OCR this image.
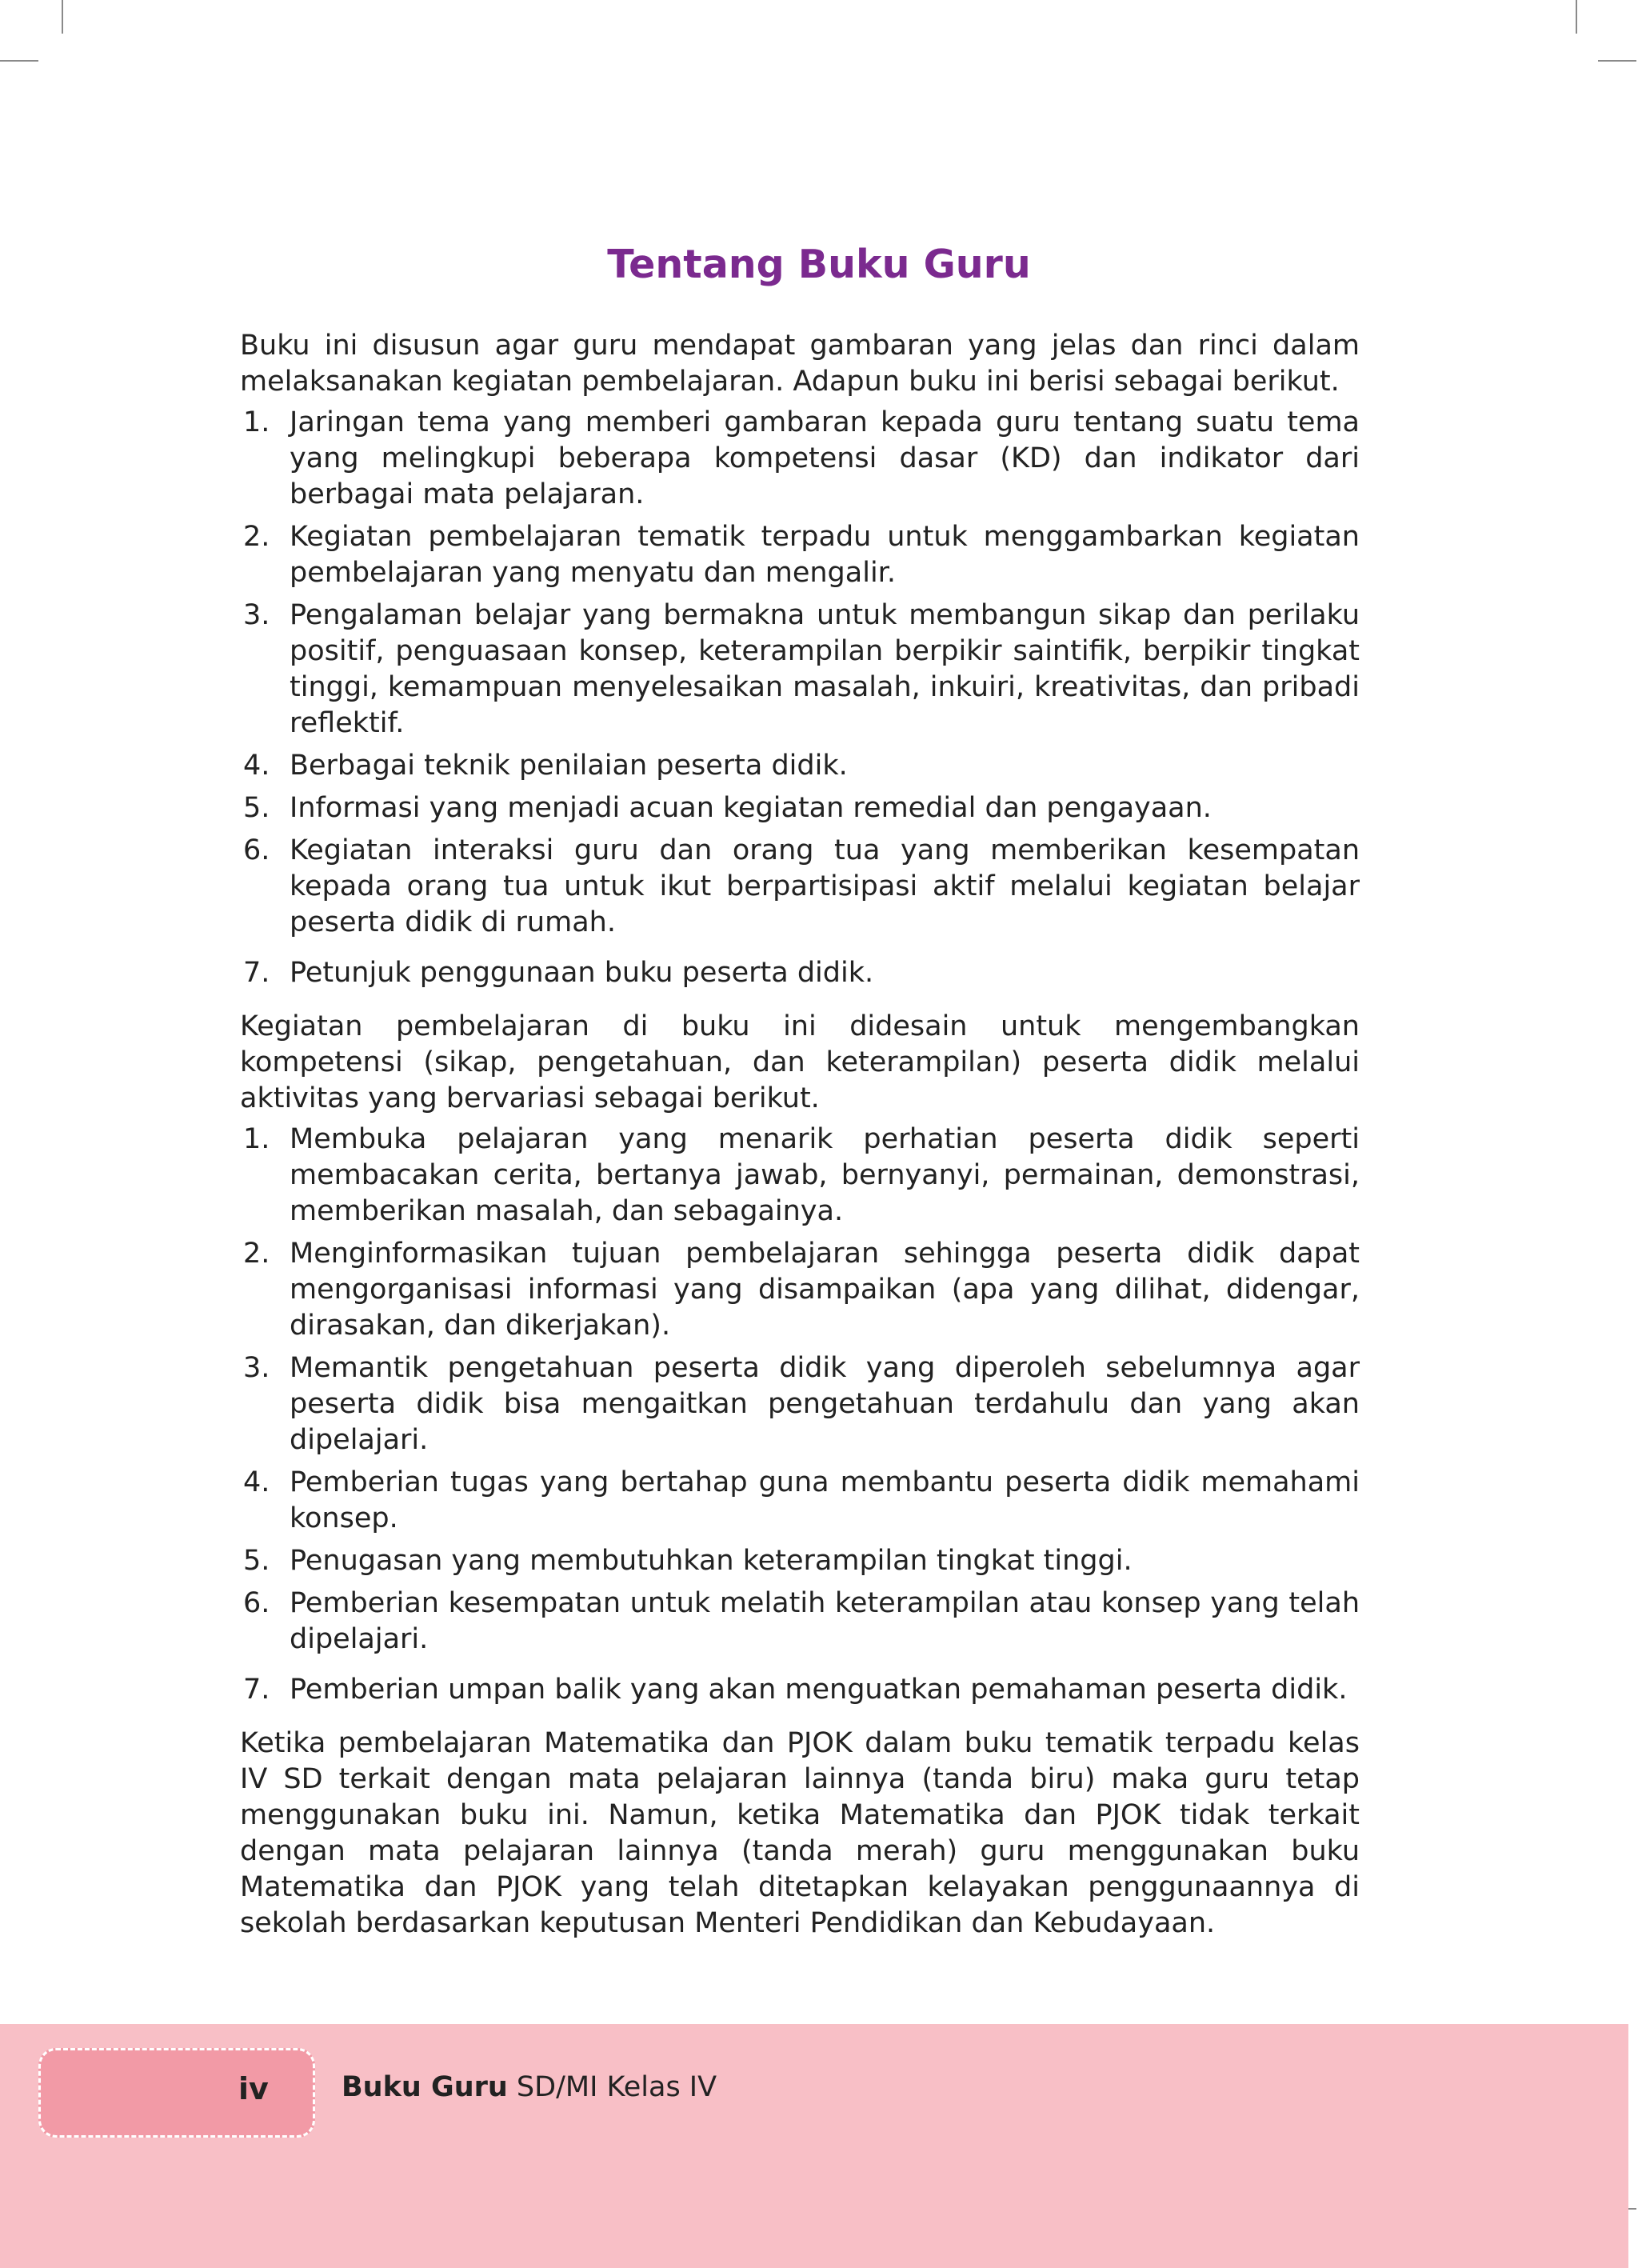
Tentang Buku Guru

Buku ini disusun agar guru mendapat gambaran yang jelas dan rinci dalam melaksanakan kegiatan pembelajaran. Adapun buku ini berisi sebagai berikut.

1. Jaringan tema yang memberi gambaran kepada guru tentang suatu tema yang melingkupi beberapa kompetensi dasar (KD) dan indikator dari berbagai mata pelajaran.
2. Kegiatan pembelajaran tematik terpadu untuk menggambarkan kegiatan pembelajaran yang menyatu dan mengalir.
3. Pengalaman belajar yang bermakna untuk membangun sikap dan perilaku positif, penguasaan konsep, keterampilan berpikir saintifik, berpikir tingkat tinggi, kemampuan menyelesaikan masalah, inkuiri, kreativitas, dan pribadi reflektif.
4. Berbagai teknik penilaian peserta didik.
5. Informasi yang menjadi acuan kegiatan remedial dan pengayaan.
6. Kegiatan interaksi guru dan orang tua yang memberikan kesempatan kepada orang tua untuk ikut berpartisipasi aktif melalui kegiatan belajar peserta didik di rumah.
7. Petunjuk penggunaan buku peserta didik.

Kegiatan pembelajaran di buku ini didesain untuk mengembangkan kompetensi (sikap, pengetahuan, dan keterampilan) peserta didik melalui aktivitas yang bervariasi sebagai berikut.

1. Membuka pelajaran yang menarik perhatian peserta didik seperti membacakan cerita, bertanya jawab, bernyanyi, permainan, demonstrasi, memberikan masalah, dan sebagainya.
2. Menginformasikan tujuan pembelajaran sehingga peserta didik dapat mengorganisasi informasi yang disampaikan (apa yang dilihat, didengar, dirasakan, dan dikerjakan).
3. Memantik pengetahuan peserta didik yang diperoleh sebelumnya agar peserta didik bisa mengaitkan pengetahuan terdahulu dan yang akan dipelajari.
4. Pemberian tugas yang bertahap guna membantu peserta didik memahami konsep.
5. Penugasan yang membutuhkan keterampilan tingkat tinggi.
6. Pemberian kesempatan untuk melatih keterampilan atau konsep yang telah dipelajari.
7. Pemberian umpan balik yang akan menguatkan pemahaman peserta didik.

Ketika pembelajaran Matematika dan PJOK dalam buku tematik terpadu kelas IV SD terkait dengan mata pelajaran lainnya (tanda biru) maka guru tetap menggunakan buku ini. Namun, ketika Matematika dan PJOK tidak terkait dengan mata pelajaran lainnya (tanda merah) guru menggunakan buku Matematika dan PJOK yang telah ditetapkan kelayakan penggunaannya di sekolah berdasarkan keputusan Menteri Pendidikan dan Kebudayaan.

iv	Buku Guru SD/MI Kelas IV
